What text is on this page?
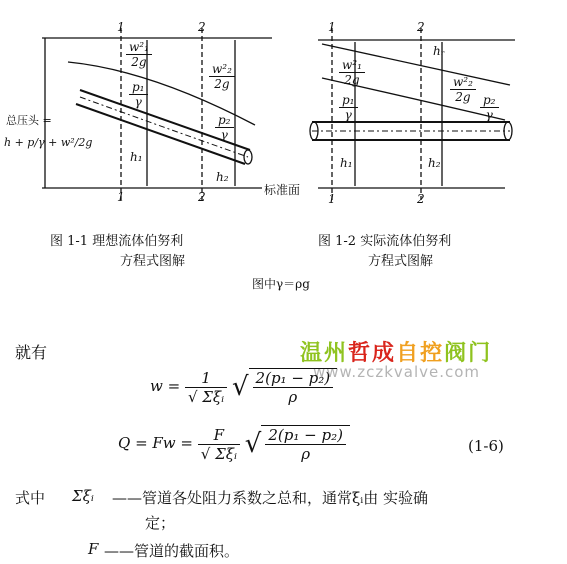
1	2
1	2
$\frac{\text{w²₁}}{2g}$
$\frac{\text{w²₂}}{2g}$
$\frac{\text{p₁}}{\gamma}$
$\frac{\text{p₂}}{\gamma}$
总压头 =
h + p/γ + w²/2g
h₁
h₂
标准面
1	2
1	2
hᵣ
$\frac{\text{w²₁}}{2g}$
$\frac{\text{w²₂}}{2g}$
$\frac{\text{p₁}}{\gamma}$	$\frac{\text{p₂}}{\gamma}$
h₁	h₂
图 1-1 理想流体伯努利
方程式图解
图 1-2 实际流体伯努利
方程式图解
图中γ＝ρg
温州哲成自控阀门
www.zczkvalve.com
就有
$w = \frac{1}{\text{√ Σξᵢ}}$ √ $\frac{\text{2(p₁ − p₂)}}{\rho}$
$Q = Fw = \frac{F}{\text{√ Σξᵢ}}$ √ $\frac{\text{2(p₁ − p₂)}}{\rho}$	(1-6)
式中 Σξᵢ ——管道各处阻力系数之总和，通常ξᵢ由 实验确
定；
F ——管道的截面积。
